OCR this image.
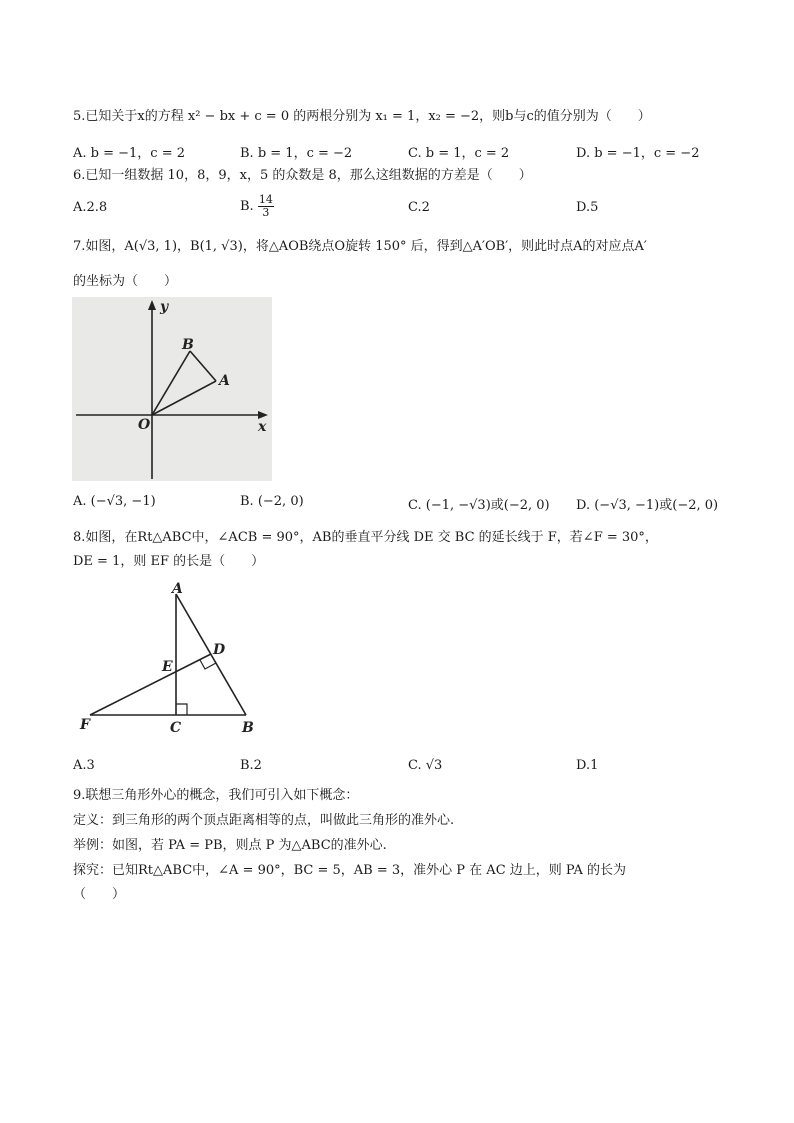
5.已知关于x的方程 x² − bx + c = 0 的两根分别为 x₁ = 1，x₂ = −2，则b与c的值分别为（　　）
A. b = −1，c = 2	B. b = 1，c = −2	C. b = 1，c = 2	D. b = −1，c = −2
6.已知一组数据 10，8，9，x，5 的众数是 8，那么这组数据的方差是（　　）
A.2.8	B. $\frac{14}{3}$	C.2	D.5
7.如图，A(√3, 1)，B(1, √3)，将△AOB绕点O旋转 150° 后，得到△A′OB′，则此时点A的对应点A′
的坐标为（　　）
y
x
O
A
B
A. (−√3, −1)	B. (−2, 0)	C. (−1, −√3)或(−2, 0) D. (−√3, −1)或(−2, 0)
8.如图，在Rt△ABC中，∠ACB = 90°，AB的垂直平分线 DE 交 BC 的延长线于 F，若∠F = 30°，
DE = 1，则 EF 的长是（　　）
A
B
C
D
E
F
A.3	B.2	C. √3	D.1
9.联想三角形外心的概念，我们可引入如下概念：
定义：到三角形的两个顶点距离相等的点，叫做此三角形的准外心.
举例：如图，若 PA = PB，则点 P 为△ABC的准外心.
探究：已知Rt△ABC中，∠A = 90°，BC = 5，AB = 3，准外心 P 在 AC 边上，则 PA 的长为
（　　）
